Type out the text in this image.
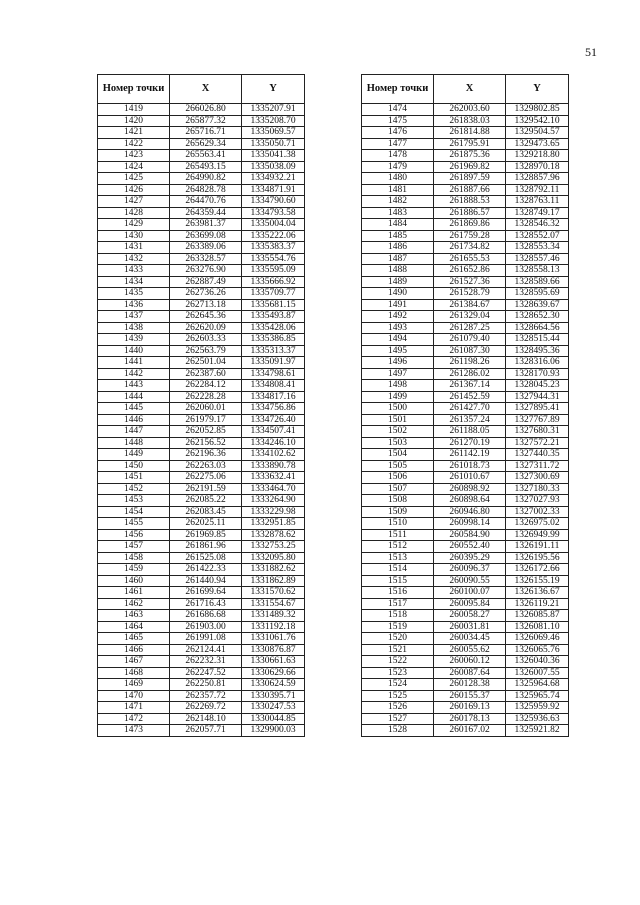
51
Номер точки	X	Y
1419	266026.80	1335207.91
1420	265877.32	1335208.70
1421	265716.71	1335069.57
1422	265629.34	1335050.71
1423	265563.41	1335041.38
1424	265493.15	1335038.09
1425	264990.82	1334932.21
1426	264828.78	1334871.91
1427	264470.76	1334790.60
1428	264359.44	1334793.58
1429	263981.37	1335004.04
1430	263699.08	1335222.06
1431	263389.06	1335383.37
1432	263328.57	1335554.76
1433	263276.90	1335595.09
1434	262887.49	1335666.92
1435	262736.26	1335709.77
1436	262713.18	1335681.15
1437	262645.36	1335493.87
1438	262620.09	1335428.06
1439	262603.33	1335386.85
1440	262563.79	1335313.37
1441	262501.04	1335091.97
1442	262387.60	1334798.61
1443	262284.12	1334808.41
1444	262228.28	1334817.16
1445	262060.01	1334756.86
1446	261979.17	1334726.40
1447	262052.85	1334507.41
1448	262156.52	1334246.10
1449	262196.36	1334102.62
1450	262263.03	1333890.78
1451	262275.06	1333632.41
1452	262191.59	1333464.70
1453	262085.22	1333264.90
1454	262083.45	1333229.98
1455	262025.11	1332951.85
1456	261969.85	1332878.62
1457	261861.96	1332753.25
1458	261525.08	1332095.80
1459	261422.33	1331882.62
1460	261440.94	1331862.89
1461	261699.64	1331570.62
1462	261716.43	1331554.67
1463	261686.68	1331489.32
1464	261903.00	1331192.18
1465	261991.08	1331061.76
1466	262124.41	1330876.87
1467	262232.31	1330661.63
1468	262247.52	1330629.66
1469	262250.81	1330624.59
1470	262357.72	1330395.71
1471	262269.72	1330247.53
1472	262148.10	1330044.85
1473	262057.71	1329900.03
Номер точки	X	Y
1474	262003.60	1329802.85
1475	261838.03	1329542.10
1476	261814.88	1329504.57
1477	261795.91	1329473.65
1478	261875.36	1329218.80
1479	261969.82	1328970.18
1480	261897.59	1328857.96
1481	261887.66	1328792.11
1482	261888.53	1328763.11
1483	261886.57	1328749.17
1484	261869.86	1328546.32
1485	261759.28	1328552.07
1486	261734.82	1328553.34
1487	261655.53	1328557.46
1488	261652.86	1328558.13
1489	261527.36	1328589.66
1490	261528.79	1328595.69
1491	261384.67	1328639.67
1492	261329.04	1328652.30
1493	261287.25	1328664.56
1494	261079.40	1328515.44
1495	261087.30	1328495.36
1496	261198.26	1328316.06
1497	261286.02	1328170.93
1498	261367.14	1328045.23
1499	261452.59	1327944.31
1500	261427.70	1327895.41
1501	261357.24	1327767.89
1502	261188.05	1327680.31
1503	261270.19	1327572.21
1504	261142.19	1327440.35
1505	261018.73	1327311.72
1506	261010.67	1327300.69
1507	260898.92	1327180.33
1508	260898.64	1327027.93
1509	260946.80	1327002.33
1510	260998.14	1326975.02
1511	260584.90	1326949.99
1512	260552.40	1326191.11
1513	260395.29	1326195.56
1514	260096.37	1326172.66
1515	260090.55	1326155.19
1516	260100.07	1326136.67
1517	260095.84	1326119.21
1518	260058.27	1326085.87
1519	260031.81	1326081.10
1520	260034.45	1326069.46
1521	260055.62	1326065.76
1522	260060.12	1326040.36
1523	260087.64	1326007.55
1524	260128.38	1325964.68
1525	260155.37	1325965.74
1526	260169.13	1325959.92
1527	260178.13	1325936.63
1528	260167.02	1325921.82
